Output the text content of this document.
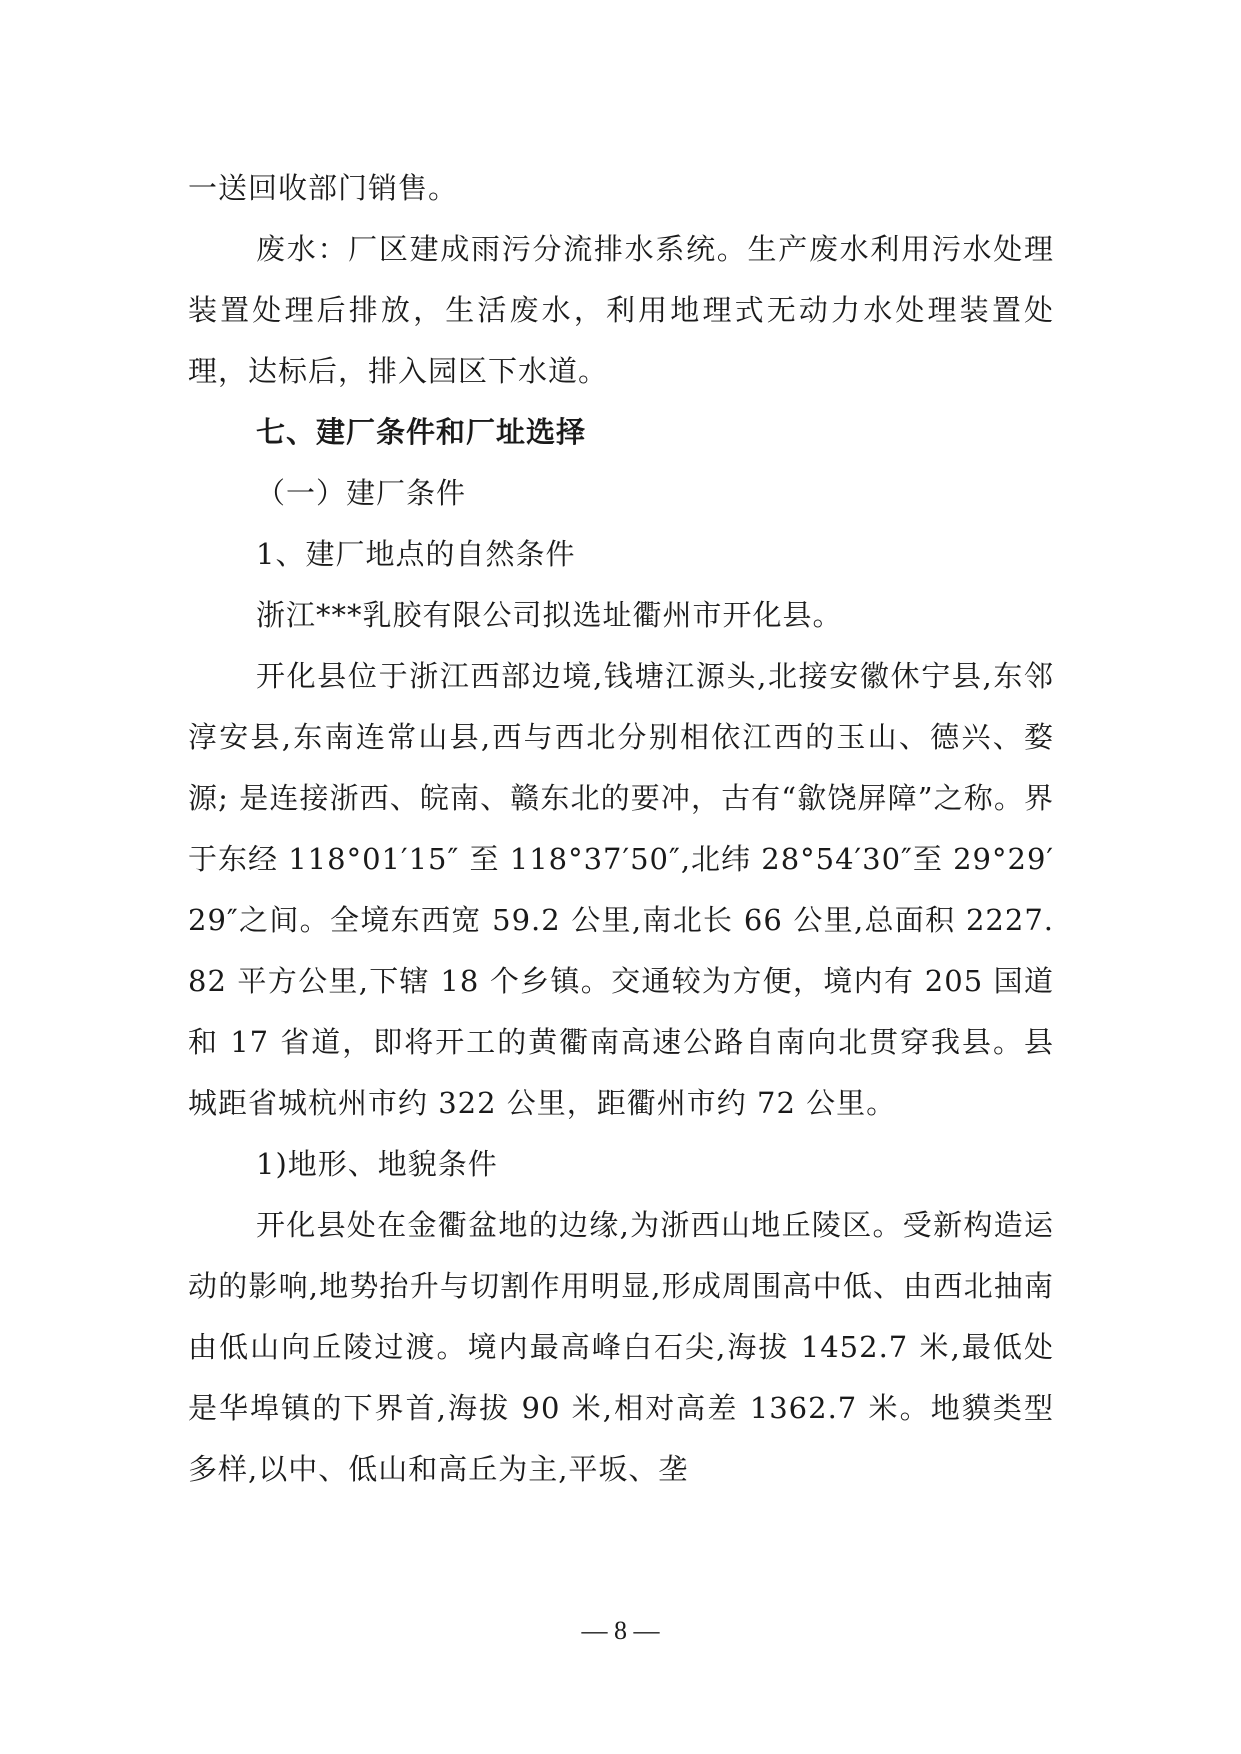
一送回收部门销售。

废水：厂区建成雨污分流排水系统。生产废水利用污水处理装置处理后排放，生活废水，利用地理式无动力水处理装置处理，达标后，排入园区下水道。

七、建厂条件和厂址选择

（一）建厂条件

1、建厂地点的自然条件

浙江***乳胶有限公司拟选址衢州市开化县。

开化县位于浙江西部边境,钱塘江源头,北接安徽休宁县,东邻淳安县,东南连常山县,西与西北分别相依江西的玉山、德兴、婺源; 是连接浙西、皖南、赣东北的要冲，古有“歙饶屏障”之称。界于东经 118°01′15″ 至 118°37′50″,北纬 28°54′30″至 29°29′29″之间。全境东西宽 59.2 公里,南北长 66 公里,总面积 2227.82 平方公里,下辖 18 个乡镇。交通较为方便，境内有 205 国道和 17 省道，即将开工的黄衢南高速公路自南向北贯穿我县。县城距省城杭州市约 322 公里，距衢州市约 72 公里。

1)地形、地貌条件

开化县处在金衢盆地的边缘,为浙西山地丘陵区。受新构造运动的影响,地势抬升与切割作用明显,形成周围高中低、由西北抽南由低山向丘陵过渡。境内最高峰白石尖,海拔 1452.7 米,最低处是华埠镇的下界首,海拔 90 米,相对高差 1362.7 米。地貘类型多样,以中、低山和高丘为主,平坂、垄

— 8 —
